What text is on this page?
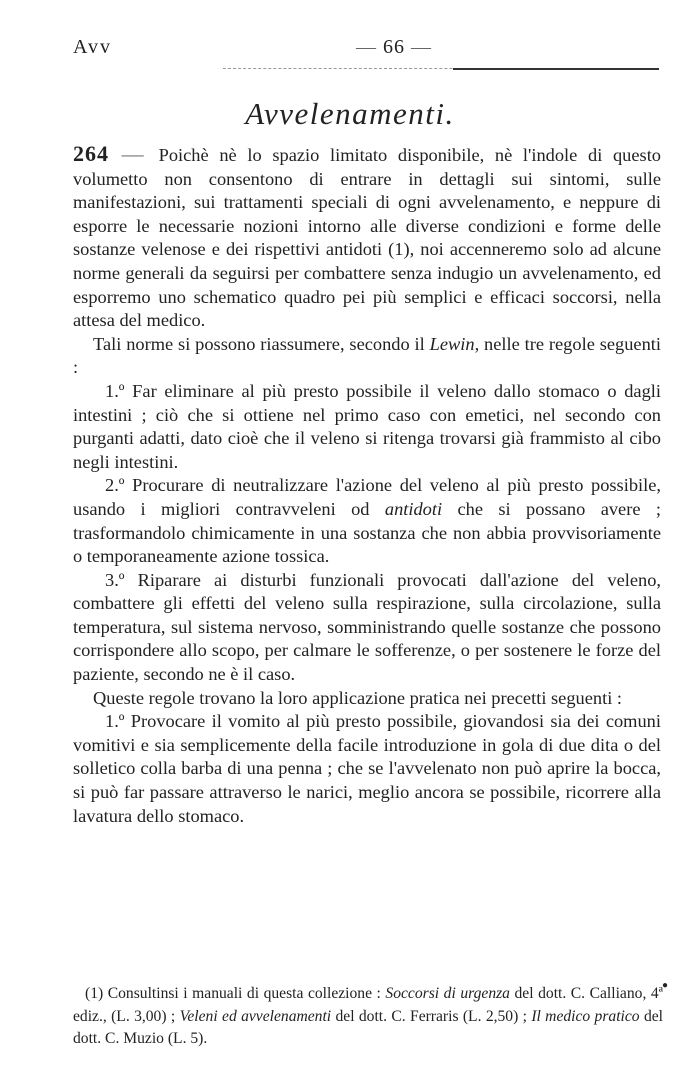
Avv
—	66 —
Avvelenamenti.

264 —	Poichè nè lo spazio limitato disponibile, nè l'indole di questo volumetto non consentono di entrare in dettagli sui sintomi, sulle manifestazioni, sui trattamenti speciali di ogni avvelenamento, e neppure di esporre le necessarie nozioni intorno alle diverse condizioni e forme delle sostanze velenose e dei rispettivi antidoti (1), noi accenneremo solo ad alcune norme generali da seguirsi per combattere senza indugio un avvelenamento, ed esporremo uno schematico quadro pei più semplici e efficaci soccorsi, nella attesa del medico.

Tali norme si possono riassumere, secondo il Lewin, nelle tre regole seguenti :

1.º Far eliminare al più presto possibile il veleno dallo stomaco o dagli intestini ; ciò che si ottiene nel primo caso con emetici, nel secondo con purganti adatti, dato cioè che il veleno si ritenga trovarsi già frammisto al cibo negli intestini.

2.º Procurare di neutralizzare l'azione del veleno al più presto possibile, usando i migliori contravveleni od antidoti che si possano avere ; trasformandolo chimicamente in una sostanza che non abbia provvisoriamente o temporaneamente azione tossica.

3.º Riparare ai disturbi funzionali provocati dall'azione del veleno, combattere gli effetti del veleno sulla respirazione, sulla circolazione, sulla temperatura, sul sistema nervoso, somministrando quelle sostanze che possono corrispondere allo scopo, per calmare le sofferenze, o per sostenere le forze del paziente, secondo ne è il caso.

Queste regole trovano la loro applicazione pratica nei precetti seguenti :

1.º Provocare il vomito al più presto possibile, giovandosi sia dei comuni vomitivi e sia semplicemente della facile introduzione in gola di due dita o del solletico colla barba di una penna ; che se l'avvelenato non può aprire la bocca, si può far passare attraverso le narici, meglio ancora se possibile, ricorrere alla lavatura dello stomaco.

●

(1) Consultinsi i manuali di questa collezione : Soccorsi di urgenza del dott. C. Calliano, 4ª ediz., (L. 3,00) ; Veleni ed avvelenamenti del dott. C. Ferraris (L. 2,50) ; Il medico pratico del dott. C. Muzio (L. 5).
